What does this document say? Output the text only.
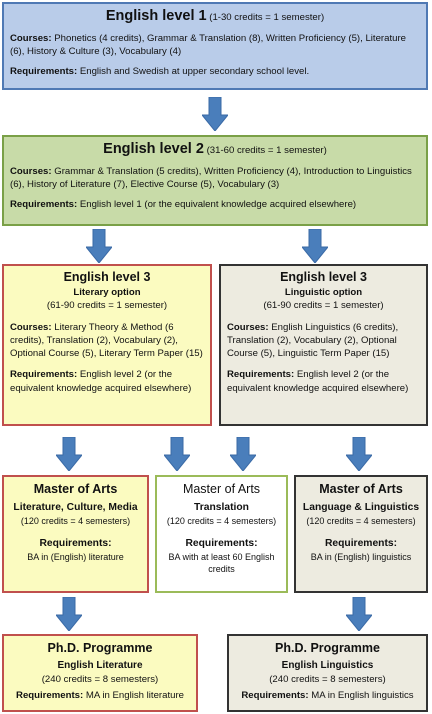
English level 1 (1-30 credits = 1 semester)
Courses: Phonetics (4 credits), Grammar & Translation (8), Written Proficiency (5), Literature (6), History & Culture (3), Vocabulary (4)
Requirements: English and Swedish at upper secondary school level.
English level 2 (31-60 credits = 1 semester)
Courses: Grammar & Translation (5 credits), Written Proficiency (4), Introduction to Linguistics (6), History of Literature (7), Elective Course (5), Vocabulary (3)
Requirements: English level 1 (or the equivalent knowledge acquired elsewhere)
English level 3
Literary option
(61-90 credits = 1 semester)
Courses: Literary Theory & Method (6 credits), Translation (2), Vocabulary (2), Optional Course (5), Literary Term Paper (15)
Requirements: English level 2 (or the equivalent knowledge acquired elsewhere)
English level 3
Linguistic option
(61-90 credits = 1 semester)
Courses: English Linguistics (6 credits), Translation (2), Vocabulary (2), Optional Course (5), Linguistic Term Paper (15)
Requirements: English level 2 (or the equivalent knowledge acquired elsewhere)
Master of Arts
Literature, Culture, Media
(120 credits = 4 semesters)
Requirements:
BA in (English) literature
Master of Arts
Translation
(120 credits = 4 semesters)
Requirements:
BA with at least 60 English credits
Master of Arts
Language & Linguistics
(120 credits = 4 semesters)
Requirements:
BA in (English) linguistics
Ph.D. Programme
English Literature
(240 credits = 8 semesters)
Requirements: MA in English literature
Ph.D. Programme
English Linguistics
(240 credits = 8 semesters)
Requirements: MA in English linguistics
